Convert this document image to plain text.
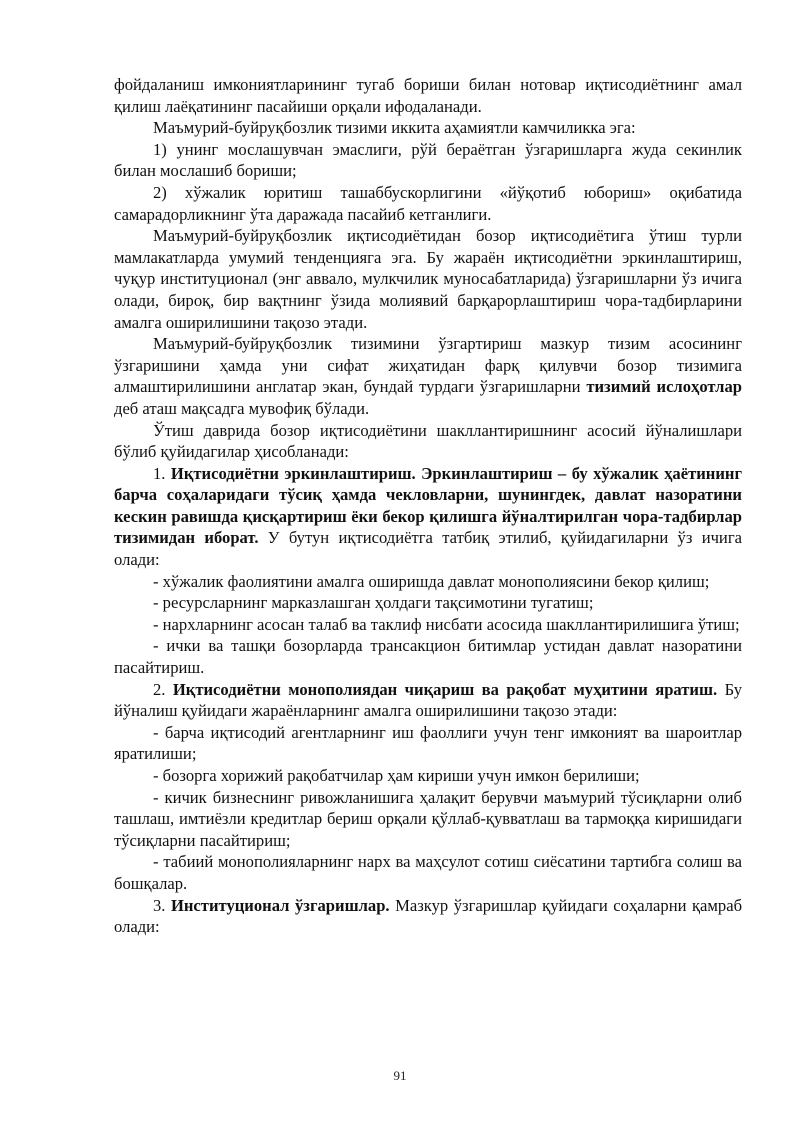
фойдаланиш имкониятларининг тугаб бориши билан нотовар иқтисодиётнинг амал қилиш лаёқатининг пасайиши орқали ифодаланади.

Маъмурий-буйруқбозлик тизими иккита аҳамиятли камчиликка эга:

1) унинг мослашувчан эмаслиги, рўй бераётган ўзгаришларга жуда секинлик билан мослашиб бориши;

2) хўжалик юритиш ташаббускорлигини «йўқотиб юбориш» оқибатида самарадорликнинг ўта даражада пасайиб кетганлиги.

Маъмурий-буйруқбозлик иқтисодиётидан бозор иқтисодиётига ўтиш турли мамлакатларда умумий тенденцияга эга. Бу жараён иқтисодиётни эркинлаштириш, чуқур институционал (энг аввало, мулкчилик муносабатларида) ўзгаришларни ўз ичига олади, бироқ, бир вақтнинг ўзида молиявий барқарорлаштириш чора-тадбирларини амалга оширилишини тақозо этади.

Маъмурий-буйруқбозлик тизимини ўзгартириш мазкур тизим асосининг ўзгаришини ҳамда уни сифат жиҳатидан фарқ қилувчи бозор тизимига алмаштирилишини англатар экан, бундай турдаги ўзгаришларни тизимий ислоҳотлар деб аташ мақсадга мувофиқ бўлади.

Ўтиш даврида бозор иқтисодиётини шакллантиришнинг асосий йўналишлари бўлиб қуйидагилар ҳисобланади:

1. Иқтисодиётни эркинлаштириш. Эркинлаштириш – бу хўжалик ҳаётининг барча соҳаларидаги тўсиқ ҳамда чекловларни, шунингдек, давлат назоратини кескин равишда қисқартириш ёки бекор қилишга йўналтирилган чора-тадбирлар тизимидан иборат. У бутун иқтисодиётга татбиқ этилиб, қуйидагиларни ўз ичига олади:

- хўжалик фаолиятини амалга оширишда давлат монополиясини бекор қилиш;

- ресурсларнинг марказлашган ҳолдаги тақсимотини тугатиш;

- нархларнинг асосан талаб ва таклиф нисбати асосида шакллантирилишига ўтиш;

- ички ва ташқи бозорларда трансакцион битимлар устидан давлат назоратини пасайтириш.

2. Иқтисодиётни монополиядан чиқариш ва рақобат муҳитини яратиш. Бу йўналиш қуйидаги жараёнларнинг амалга оширилишини тақозо этади:

- барча иқтисодий агентларнинг иш фаоллиги учун тенг имконият ва шароитлар яратилиши;

- бозорга хорижий рақобатчилар ҳам кириши учун имкон берилиши;

- кичик бизнеснинг ривожланишига ҳалақит берувчи маъмурий тўсиқларни олиб ташлаш, имтиёзли кредитлар бериш орқали қўллаб-қувватлаш ва тармоққа киришидаги тўсиқларни пасайтириш;

- табиий монополияларнинг нарх ва маҳсулот сотиш сиёсатини тартибга солиш ва бошқалар.

3. Институционал ўзгаришлар. Мазкур ўзгаришлар қуйидаги соҳаларни қамраб олади:

91
